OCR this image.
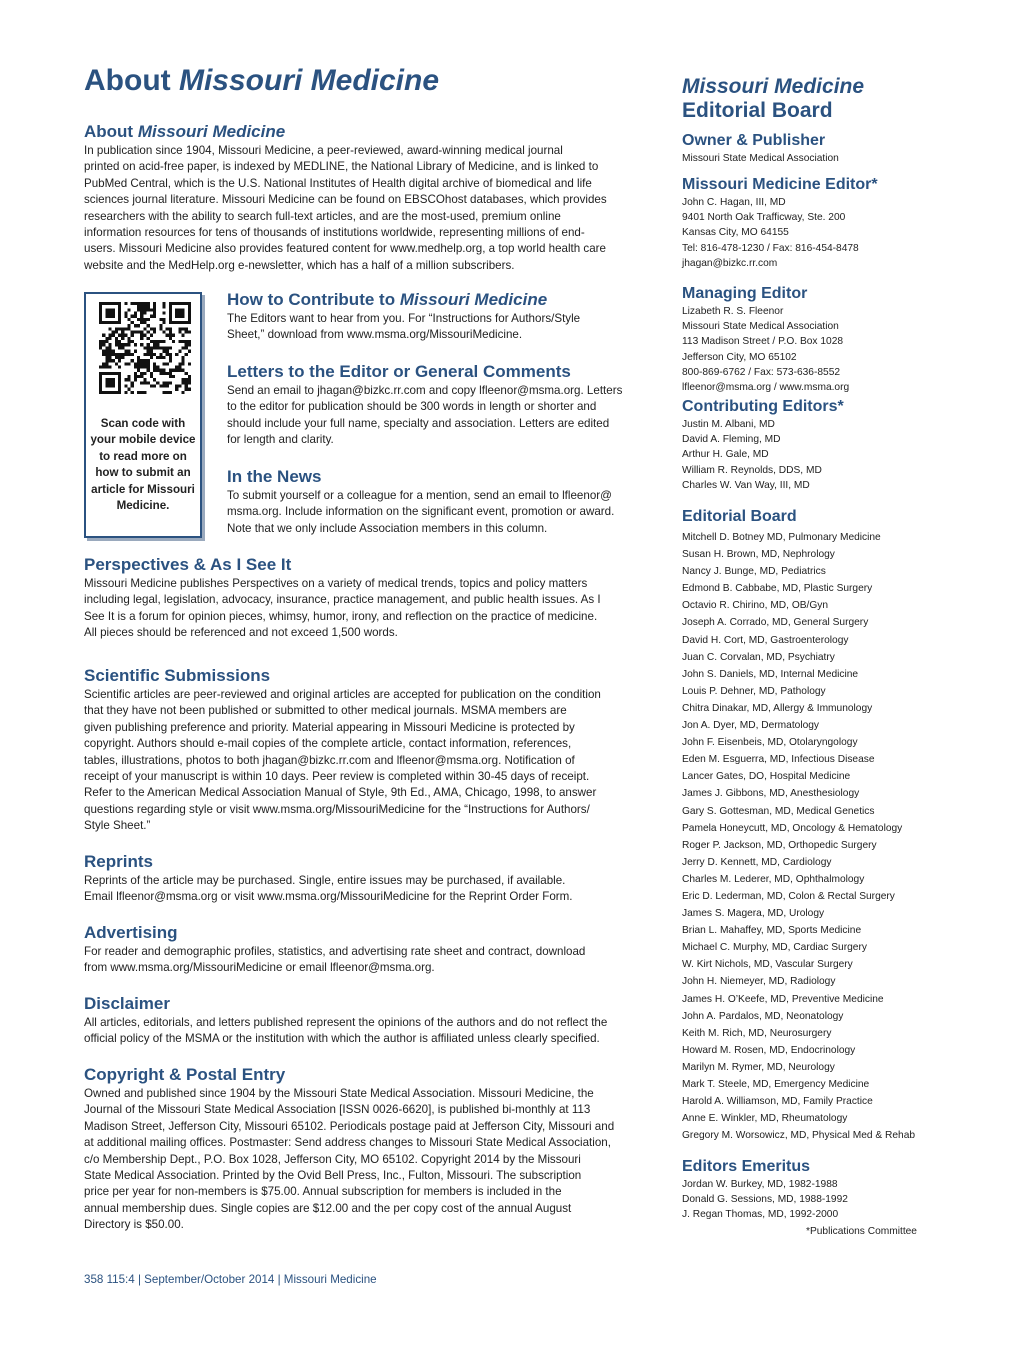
About Missouri Medicine
About Missouri Medicine

In publication since 1904, Missouri Medicine, a peer-reviewed, award-winning medical journal

printed on acid-free paper, is indexed by MEDLINE, the National Library of Medicine, and is linked to

PubMed Central, which is the U.S. National Institutes of Health digital archive of biomedical and life

sciences journal literature. Missouri Medicine can be found on EBSCOhost databases, which provides

researchers with the ability to search full-text articles, and are the most-used, premium online

information resources for tens of thousands of institutions worldwide, representing millions of end-

users. Missouri Medicine also provides featured content for www.medhelp.org, a top world health care

website and the MedHelp.org e-newsletter, which has a half of a million subscribers.

Scan code with

your mobile device

to read more on

how to submit an

article for Missouri

Medicine.

How to Contribute to Missouri Medicine

The Editors want to hear from you. For “Instructions for Authors/Style

Sheet,” download from www.msma.org/MissouriMedicine.

Letters to the Editor or General Comments

Send an email to jhagan@bizkc.rr.com and copy lfleenor@msma.org. Letters

to the editor for publication should be 300 words in length or shorter and

should include your full name, specialty and association. Letters are edited

for length and clarity.

In the News

To submit yourself or a colleague for a mention, send an email to lfleenor@

msma.org. Include information on the significant event, promotion or award.

Note that we only include Association members in this column.

Perspectives & As I See It

Missouri Medicine publishes Perspectives on a variety of medical trends, topics and policy matters

including legal, legislation, advocacy, insurance, practice management, and public health issues. As I

See It is a forum for opinion pieces, whimsy, humor, irony, and reflection on the practice of medicine.

All pieces should be referenced and not exceed 1,500 words.

Scientific Submissions

Scientific articles are peer-reviewed and original articles are accepted for publication on the condition

that they have not been published or submitted to other medical journals. MSMA members are

given publishing preference and priority. Material appearing in Missouri Medicine is protected by

copyright. Authors should e-mail copies of the complete article, contact information, references,

tables, illustrations, photos to both jhagan@bizkc.rr.com and lfleenor@msma.org. Notification of

receipt of your manuscript is within 10 days. Peer review is completed within 30-45 days of receipt.

Refer to the American Medical Association Manual of Style, 9th Ed., AMA, Chicago, 1998, to answer

questions regarding style or visit www.msma.org/MissouriMedicine for the “Instructions for Authors/

Style Sheet.”

Reprints

Reprints of the article may be purchased. Single, entire issues may be purchased, if available.

Email lfleenor@msma.org or visit www.msma.org/MissouriMedicine for the Reprint Order Form.

Advertising

For reader and demographic profiles, statistics, and advertising rate sheet and contract, download

from www.msma.org/MissouriMedicine or email lfleenor@msma.org.

Disclaimer

All articles, editorials, and letters published represent the opinions of the authors and do not reflect the

official policy of the MSMA or the institution with which the author is affiliated unless clearly specified.

Copyright & Postal Entry

Owned and published since 1904 by the Missouri State Medical Association. Missouri Medicine, the

Journal of the Missouri State Medical Association [ISSN 0026-6620], is published bi-monthly at 113

Madison Street, Jefferson City, Missouri 65102. Periodicals postage paid at Jefferson City, Missouri and

at additional mailing offices. Postmaster: Send address changes to Missouri State Medical Association,

c/o Membership Dept., P.O. Box 1028, Jefferson City, MO 65102. Copyright 2014 by the Missouri

State Medical Association. Printed by the Ovid Bell Press, Inc., Fulton, Missouri. The subscription

price per year for non-members is $75.00. Annual subscription for members is included in the

annual membership dues. Single copies are $12.00 and the per copy cost of the annual August

Directory is $50.00.

358 115:4 | September/October 2014 | Missouri Medicine
Missouri Medicine
Editorial Board
Owner & Publisher

Missouri State Medical Association

Missouri Medicine Editor*

John C. Hagan, III, MD

9401 North Oak Trafficway, Ste. 200

Kansas City, MO 64155

Tel: 816-478-1230 / Fax: 816-454-8478

jhagan@bizkc.rr.com

Managing Editor

Lizabeth R. S. Fleenor

Missouri State Medical Association

113 Madison Street / P.O. Box 1028

Jefferson City, MO 65102

800-869-6762 / Fax: 573-636-8552

lfleenor@msma.org / www.msma.org

Contributing Editors*

Justin M. Albani, MD

David A. Fleming, MD

Arthur H. Gale, MD

William R. Reynolds, DDS, MD

Charles W. Van Way, III, MD

Editorial Board

Mitchell D. Botney MD, Pulmonary Medicine

Susan H. Brown, MD, Nephrology

Nancy J. Bunge, MD, Pediatrics

Edmond B. Cabbabe, MD, Plastic Surgery

Octavio R. Chirino, MD, OB/Gyn

Joseph A. Corrado, MD, General Surgery

David H. Cort, MD, Gastroenterology

Juan C. Corvalan, MD, Psychiatry

John S. Daniels, MD, Internal Medicine

Louis P. Dehner, MD, Pathology

Chitra Dinakar, MD, Allergy & Immunology

Jon A. Dyer, MD, Dermatology

John F. Eisenbeis, MD, Otolaryngology

Eden M. Esguerra, MD, Infectious Disease

Lancer Gates, DO, Hospital Medicine

James J. Gibbons, MD, Anesthesiology

Gary S. Gottesman, MD, Medical Genetics

Pamela Honeycutt, MD, Oncology & Hematology

Roger P. Jackson, MD, Orthopedic Surgery

Jerry D. Kennett, MD, Cardiology

Charles M. Lederer, MD, Ophthalmology

Eric D. Lederman, MD, Colon & Rectal Surgery

James S. Magera, MD, Urology

Brian L. Mahaffey, MD, Sports Medicine

Michael C. Murphy, MD, Cardiac Surgery

W. Kirt Nichols, MD, Vascular Surgery

John H. Niemeyer, MD, Radiology

James H. O’Keefe, MD, Preventive Medicine

John A. Pardalos, MD, Neonatology

Keith M. Rich, MD, Neurosurgery

Howard M. Rosen, MD, Endocrinology

Marilyn M. Rymer, MD, Neurology

Mark T. Steele, MD, Emergency Medicine

Harold A. Williamson, MD, Family Practice

Anne E. Winkler, MD, Rheumatology

Gregory M. Worsowicz, MD, Physical Med & Rehab

Editors Emeritus

Jordan W. Burkey, MD, 1982-1988

Donald G. Sessions, MD, 1988-1992

J. Regan Thomas, MD, 1992-2000

*Publications Committee
